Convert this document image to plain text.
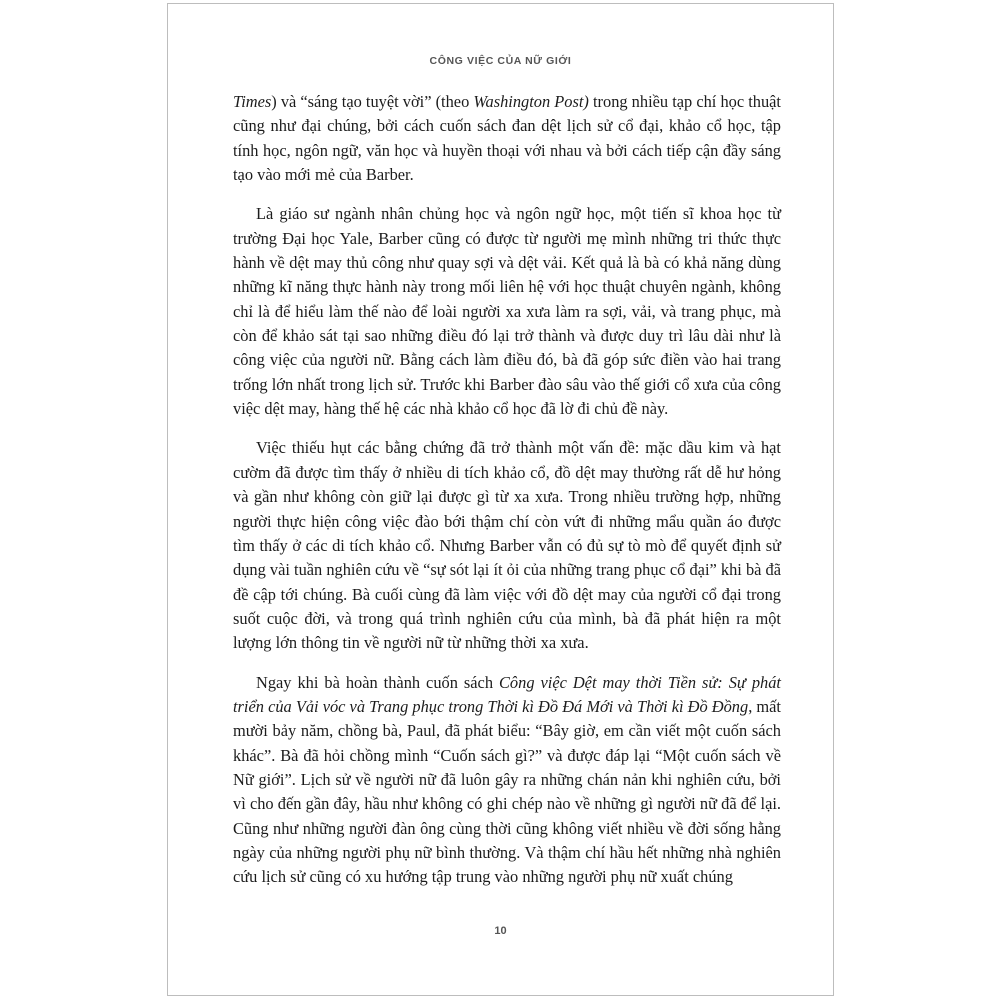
CÔNG VIỆC CỦA NỮ GIỚI

Times) và “sáng tạo tuyệt vời” (theo Washington Post) trong nhiều tạp chí học thuật cũng như đại chúng, bởi cách cuốn sách đan dệt lịch sử cổ đại, khảo cổ học, tập tính học, ngôn ngữ, văn học và huyền thoại với nhau và bởi cách tiếp cận đầy sáng tạo vào mới mẻ của Barber.

Là giáo sư ngành nhân chủng học và ngôn ngữ học, một tiến sĩ khoa học từ trường Đại học Yale, Barber cũng có được từ người mẹ mình những tri thức thực hành về dệt may thủ công như quay sợi và dệt vải. Kết quả là bà có khả năng dùng những kĩ năng thực hành này trong mối liên hệ với học thuật chuyên ngành, không chỉ là để hiểu làm thế nào để loài người xa xưa làm ra sợi, vải, và trang phục, mà còn để khảo sát tại sao những điều đó lại trở thành và được duy trì lâu dài như là công việc của người nữ. Bằng cách làm điều đó, bà đã góp sức điền vào hai trang trống lớn nhất trong lịch sử. Trước khi Barber đào sâu vào thế giới cổ xưa của công việc dệt may, hàng thế hệ các nhà khảo cổ học đã lờ đi chủ đề này.

Việc thiếu hụt các bằng chứng đã trở thành một vấn đề: mặc dầu kim và hạt cườm đã được tìm thấy ở nhiều di tích khảo cổ, đồ dệt may thường rất dễ hư hỏng và gần như không còn giữ lại được gì từ xa xưa. Trong nhiều trường hợp, những người thực hiện công việc đào bới thậm chí còn vứt đi những mẩu quần áo được tìm thấy ở các di tích khảo cổ. Nhưng Barber vẫn có đủ sự tò mò để quyết định sử dụng vài tuần nghiên cứu về “sự sót lại ít ỏi của những trang phục cổ đại” khi bà đã đề cập tới chúng. Bà cuối cùng đã làm việc với đồ dệt may của người cổ đại trong suốt cuộc đời, và trong quá trình nghiên cứu của mình, bà đã phát hiện ra một lượng lớn thông tin về người nữ từ những thời xa xưa.

Ngay khi bà hoàn thành cuốn sách Công việc Dệt may thời Tiền sử: Sự phát triển của Vải vóc và Trang phục trong Thời kì Đồ Đá Mới và Thời kì Đồ Đồng, mất mười bảy năm, chồng bà, Paul, đã phát biểu: “Bây giờ, em cần viết một cuốn sách khác”. Bà đã hỏi chồng mình “Cuốn sách gì?” và được đáp lại “Một cuốn sách về Nữ giới”. Lịch sử về người nữ đã luôn gây ra những chán nản khi nghiên cứu, bởi vì cho đến gần đây, hầu như không có ghi chép nào về những gì người nữ đã để lại. Cũng như những người đàn ông cùng thời cũng không viết nhiều về đời sống hằng ngày của những người phụ nữ bình thường. Và thậm chí hầu hết những nhà nghiên cứu lịch sử cũng có xu hướng tập trung vào những người phụ nữ xuất chúng

10
